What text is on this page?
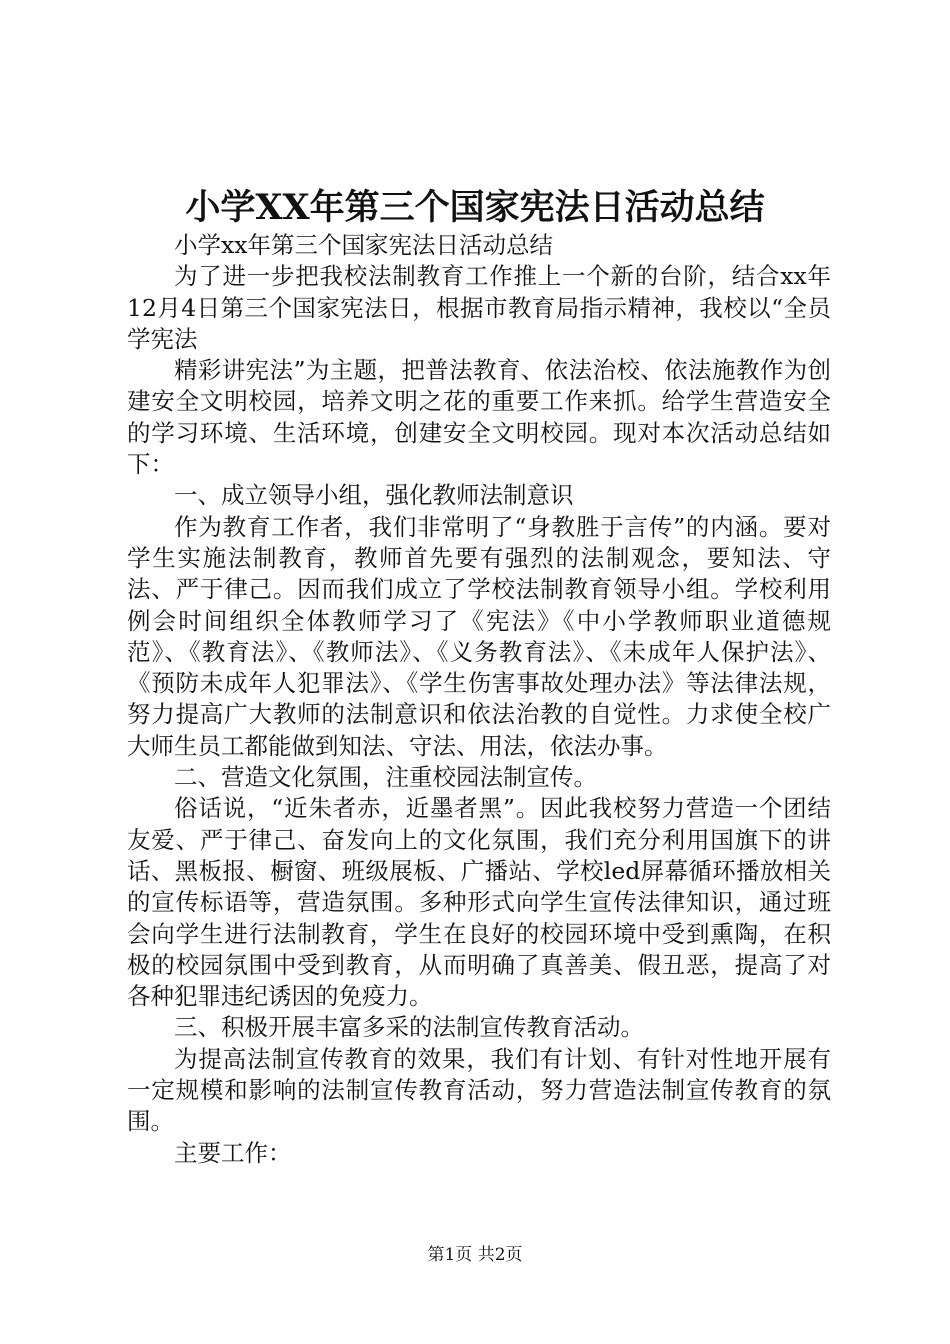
小学XX年第三个国家宪法日活动总结

小学xx年第三个国家宪法日活动总结

为了进一步把我校法制教育工作推上一个新的台阶，结合xx年12月4日第三个国家宪法日，根据市教育局指示精神，我校以“全员学宪法

精彩讲宪法”为主题，把普法教育、依法治校、依法施教作为创建安全文明校园，培养文明之花的重要工作来抓。给学生营造安全的学习环境、生活环境，创建安全文明校园。现对本次活动总结如下：

一、成立领导小组，强化教师法制意识

作为教育工作者，我们非常明了“身教胜于言传”的内涵。要对学生实施法制教育，教师首先要有强烈的法制观念，要知法、守法、严于律己。因而我们成立了学校法制教育领导小组。学校利用例会时间组织全体教师学习了《宪法》《中小学教师职业道德规范》、《教育法》、《教师法》、《义务教育法》、《未成年人保护法》、《预防未成年人犯罪法》、《学生伤害事故处理办法》等法律法规，努力提高广大教师的法制意识和依法治教的自觉性。力求使全校广大师生员工都能做到知法、守法、用法，依法办事。

二、营造文化氛围，注重校园法制宣传。

俗话说，“近朱者赤，近墨者黑”。因此我校努力营造一个团结友爱、严于律己、奋发向上的文化氛围，我们充分利用国旗下的讲话、黑板报、橱窗、班级展板、广播站、学校led屏幕循环播放相关的宣传标语等，营造氛围。多种形式向学生宣传法律知识，通过班会向学生进行法制教育，学生在良好的校园环境中受到熏陶，在积极的校园氛围中受到教育，从而明确了真善美、假丑恶，提高了对各种犯罪违纪诱因的免疫力。

三、积极开展丰富多采的法制宣传教育活动。

为提高法制宣传教育的效果，我们有计划、有针对性地开展有一定规模和影响的法制宣传教育活动，努力营造法制宣传教育的氛围。

主要工作：

第1页 共2页
